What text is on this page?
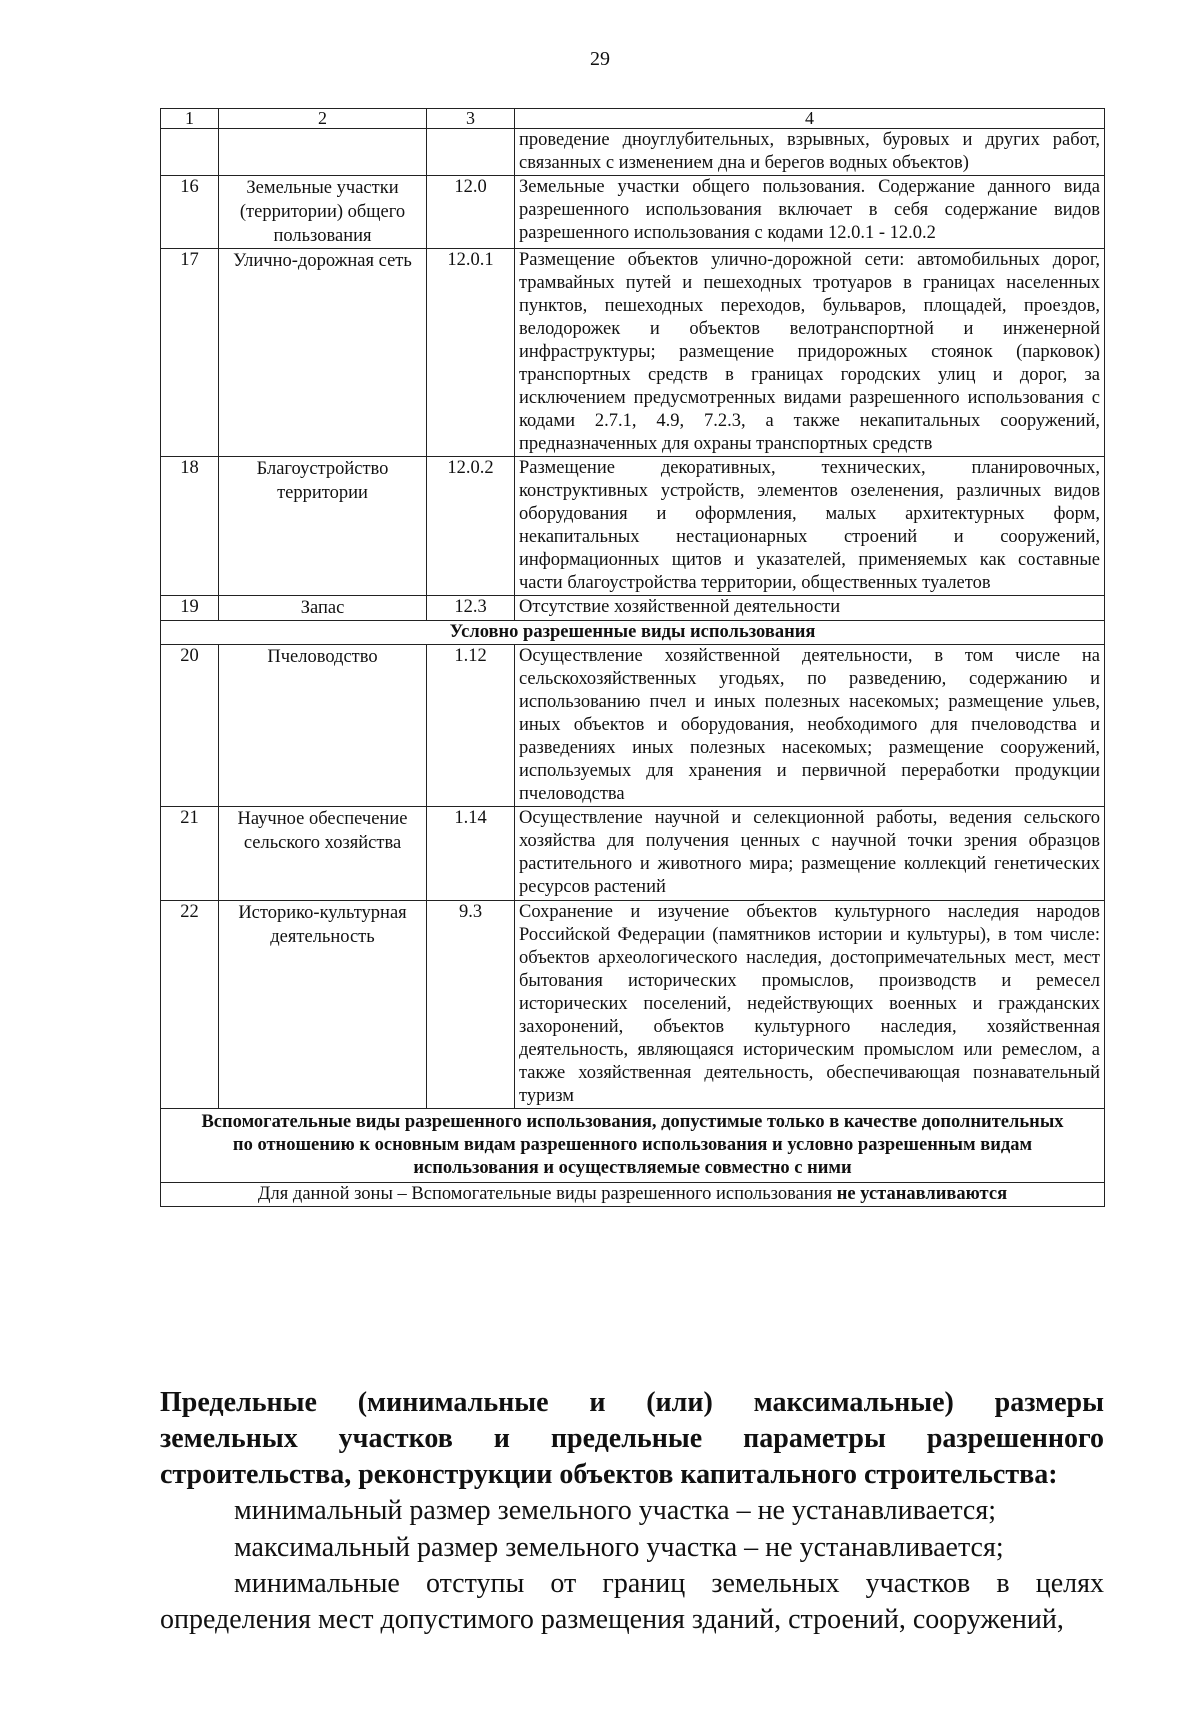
29
1	2	3	4
			проведение дноуглубительных, взрывных, буровых и других работ, связанных с изменением дна и берегов водных объектов)
16	Земельные участки (территории) общего пользования	12.0	Земельные участки общего пользования. Содержание данного вида разрешенного использования включает в себя содержание видов разрешенного использования с кодами 12.0.1 - 12.0.2
17	Улично-дорожная сеть	12.0.1	Размещение объектов улично-дорожной сети: автомобильных дорог, трамвайных путей и пешеходных тротуаров в границах населенных пунктов, пешеходных переходов, бульваров, площадей, проездов, велодорожек и объектов велотранспортной и инженерной инфраструктуры; размещение придорожных стоянок (парковок) транспортных средств в границах городских улиц и дорог, за исключением предусмотренных видами разрешенного использования с кодами 2.7.1, 4.9, 7.2.3, а также некапитальных сооружений, предназначенных для охраны транспортных средств
18	Благоустройство территории	12.0.2	Размещение декоративных, технических, планировочных, конструктивных устройств, элементов озеленения, различных видов оборудования и оформления, малых архитектурных форм, некапитальных нестационарных строений и сооружений, информационных щитов и указателей, применяемых как составные части благоустройства территории, общественных туалетов
19	Запас	12.3	Отсутствие хозяйственной деятельности
Условно разрешенные виды использования			
20	Пчеловодство	1.12	Осуществление хозяйственной деятельности, в том числе на сельскохозяйственных угодьях, по разведению, содержанию и использованию пчел и иных полезных насекомых; размещение ульев, иных объектов и оборудования, необходимого для пчеловодства и разведениях иных полезных насекомых; размещение сооружений, используемых для хранения и первичной переработки продукции пчеловодства
21	Научное обеспечение сельского хозяйства	1.14	Осуществление научной и селекционной работы, ведения сельского хозяйства для получения ценных с научной точки зрения образцов растительного и животного мира; размещение коллекций генетических ресурсов растений
22	Историко-культурная деятельность	9.3	Сохранение и изучение объектов культурного наследия народов Российской Федерации (памятников истории и культуры), в том числе: объектов археологического наследия, достопримечательных мест, мест бытования исторических промыслов, производств и ремесел исторических поселений, недействующих военных и гражданских захоронений, объектов культурного наследия, хозяйственная деятельность, являющаяся историческим промыслом или ремеслом, а также хозяйственная деятельность, обеспечивающая познавательный туризм
Вспомогательные виды разрешенного использования, допустимые только в качестве дополнительных по отношению к основным видам разрешенного использования и условно разрешенным видам использования и осуществляемые совместно с ними			
Для данной зоны – Вспомогательные виды разрешенного использования не устанавливаются			
Предельные (минимальные и (или) максимальные) размеры
земельных участков и предельные параметры разрешенного
строительства, реконструкции объектов капитального строительства:
минимальный размер земельного участка – не устанавливается;
максимальный размер земельного участка – не устанавливается;
минимальные отступы от границ земельных участков в целях определения мест допустимого размещения зданий, строений, сооружений,
